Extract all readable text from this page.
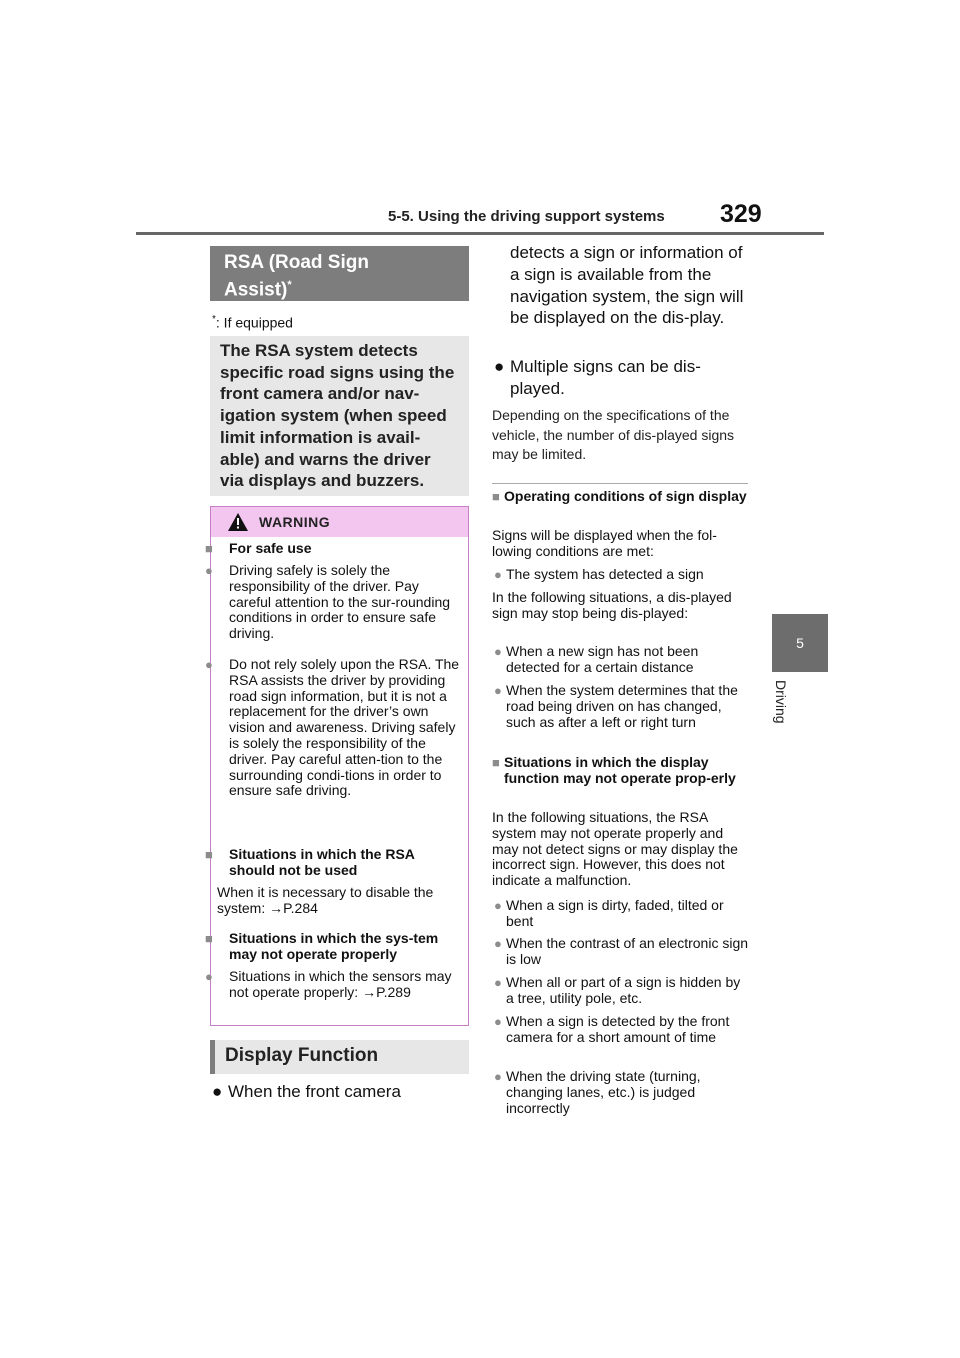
5-5. Using the driving support systems 329
5
Driving
RSA (Road Sign
Assist)*
*: If equipped
The RSA system detects specific road signs using the front camera and/or nav-igation system (when speed limit information is avail-able) and warns the driver via displays and buzzers.
WARNING
■ For safe use
● Driving safely is solely the responsibility of the driver. Pay careful attention to the sur-rounding conditions in order to ensure safe driving.
● Do not rely solely upon the RSA. The RSA assists the driver by providing road sign information, but it is not a replacement for the driver’s own vision and awareness. Driving safely is solely the responsibility of the driver. Pay careful atten-tion to the surrounding condi-tions in order to ensure safe driving.
■ Situations in which the RSA should not be used
When it is necessary to disable the system: →P.284
■ Situations in which the sys-tem may not operate properly
● Situations in which the sensors may not operate properly: →P.289
Display Function
● When the front camera
detects a sign or information of a sign is available from the navigation system, the sign will be displayed on the dis-play.
● Multiple signs can be dis-played.
Depending on the specifications of the vehicle, the number of dis-played signs may be limited.
■ Operating conditions of sign display
Signs will be displayed when the fol-lowing conditions are met:
● The system has detected a sign
In the following situations, a dis-played sign may stop being dis-played:
● When a new sign has not been detected for a certain distance
● When the system determines that the road being driven on has changed, such as after a left or right turn
■ Situations in which the display function may not operate prop-erly
In the following situations, the RSA system may not operate properly and may not detect signs or may display the incorrect sign. However, this does not indicate a malfunction.
● When a sign is dirty, faded, tilted or bent
● When the contrast of an electronic sign is low
● When all or part of a sign is hidden by a tree, utility pole, etc.
● When a sign is detected by the front camera for a short amount of time
● When the driving state (turning, changing lanes, etc.) is judged incorrectly
